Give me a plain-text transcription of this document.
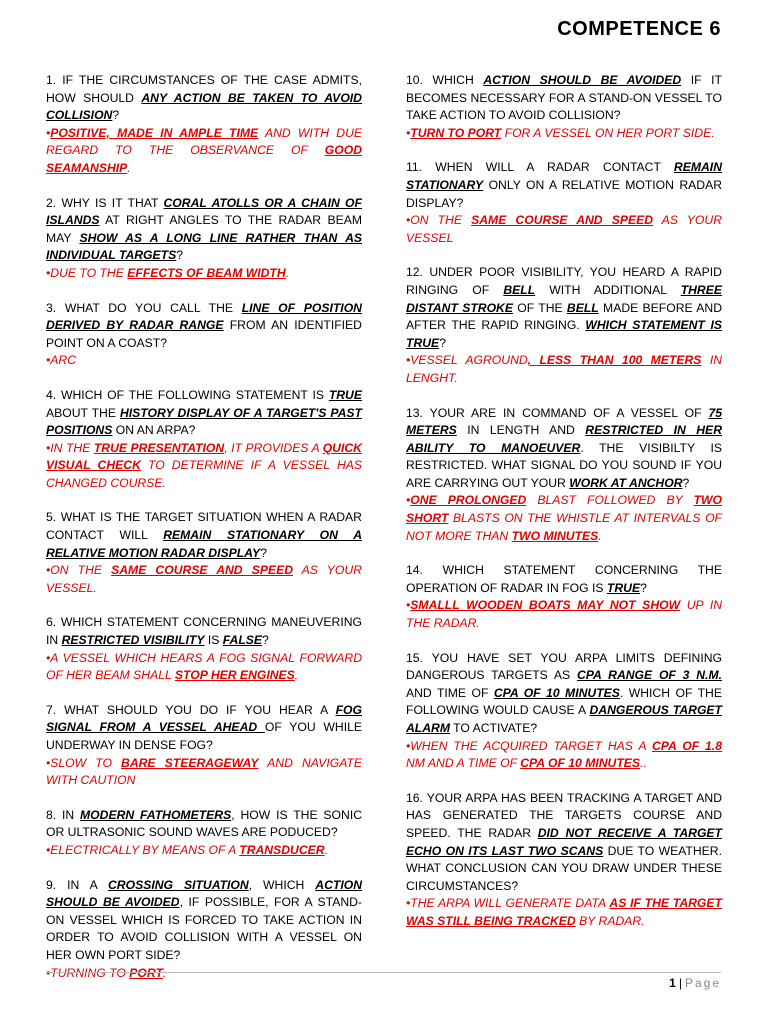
COMPETENCE 6
1. IF THE CIRCUMSTANCES OF THE CASE ADMITS, HOW SHOULD ANY ACTION BE TAKEN TO AVOID COLLISION?
•POSITIVE, MADE IN AMPLE TIME AND WITH DUE REGARD TO THE OBSERVANCE OF GOOD SEAMANSHIP.
2. WHY IS IT THAT CORAL ATOLLS OR A CHAIN OF ISLANDS AT RIGHT ANGLES TO THE RADAR BEAM MAY SHOW AS A LONG LINE RATHER THAN AS INDIVIDUAL TARGETS?
•DUE TO THE EFFECTS OF BEAM WIDTH.
3. WHAT DO YOU CALL THE LINE OF POSITION DERIVED BY RADAR RANGE FROM AN IDENTIFIED POINT ON A COAST?
•ARC
4. WHICH OF THE FOLLOWING STATEMENT IS TRUE ABOUT THE HISTORY DISPLAY OF A TARGET'S PAST POSITIONS ON AN ARPA?
•IN THE TRUE PRESENTATION, IT PROVIDES A QUICK VISUAL CHECK TO DETERMINE IF A VESSEL HAS CHANGED COURSE.
5. WHAT IS THE TARGET SITUATION WHEN A RADAR CONTACT WILL REMAIN STATIONARY ON A RELATIVE MOTION RADAR DISPLAY?
•ON THE SAME COURSE AND SPEED AS YOUR VESSEL.
6. WHICH STATEMENT CONCERNING MANEUVERING IN RESTRICTED VISIBILITY IS FALSE?
•A VESSEL WHICH HEARS A FOG SIGNAL FORWARD OF HER BEAM SHALL STOP HER ENGINES.
7. WHAT SHOULD YOU DO IF YOU HEAR A FOG SIGNAL FROM A VESSEL AHEAD OF YOU WHILE UNDERWAY IN DENSE FOG?
•SLOW TO BARE STEERAGEWAY AND NAVIGATE WITH CAUTION
8. IN MODERN FATHOMETERS, HOW IS THE SONIC OR ULTRASONIC SOUND WAVES ARE PODUCED?
•ELECTRICALLY BY MEANS OF A TRANSDUCER.
9. IN A CROSSING SITUATION, WHICH ACTION SHOULD BE AVOIDED, IF POSSIBLE, FOR A STAND-ON VESSEL WHICH IS FORCED TO TAKE ACTION IN ORDER TO AVOID COLLISION WITH A VESSEL ON HER OWN PORT SIDE?
•TURNING TO PORT.
10. WHICH ACTION SHOULD BE AVOIDED IF IT BECOMES NECESSARY FOR A STAND-ON VESSEL TO TAKE ACTION TO AVOID COLLISION?
•TURN TO PORT FOR A VESSEL ON HER PORT SIDE.
11. WHEN WILL A RADAR CONTACT REMAIN STATIONARY ONLY ON A RELATIVE MOTION RADAR DISPLAY?
•ON THE SAME COURSE AND SPEED AS YOUR VESSEL
12. UNDER POOR VISIBILITY, YOU HEARD A RAPID RINGING OF BELL WITH ADDITIONAL THREE DISTANT STROKE OF THE BELL MADE BEFORE AND AFTER THE RAPID RINGING. WHICH STATEMENT IS TRUE?
•VESSEL AGROUND, LESS THAN 100 METERS IN LENGHT.
13. YOUR ARE IN COMMAND OF A VESSEL OF 75 METERS IN LENGTH AND RESTRICTED IN HER ABILITY TO MANOEUVER. THE VISIBILTY IS RESTRICTED. WHAT SIGNAL DO YOU SOUND IF YOU ARE CARRYING OUT YOUR WORK AT ANCHOR?
•ONE PROLONGED BLAST FOLLOWED BY TWO SHORT BLASTS ON THE WHISTLE AT INTERVALS OF NOT MORE THAN TWO MINUTES.
14. WHICH STATEMENT CONCERNING THE OPERATION OF RADAR IN FOG IS TRUE?
•SMALLL WOODEN BOATS MAY NOT SHOW UP IN THE RADAR.
15. YOU HAVE SET YOU ARPA LIMITS DEFINING DANGEROUS TARGETS AS CPA RANGE OF 3 N.M. AND TIME OF CPA OF 10 MINUTES. WHICH OF THE FOLLOWING WOULD CAUSE A DANGEROUS TARGET ALARM TO ACTIVATE?
•WHEN THE ACQUIRED TARGET HAS A CPA OF 1.8 NM AND A TIME OF CPA OF 10 MINUTES..
16. YOUR ARPA HAS BEEN TRACKING A TARGET AND HAS GENERATED THE TARGETS COURSE AND SPEED. THE RADAR DID NOT RECEIVE A TARGET ECHO ON ITS LAST TWO SCANS DUE TO WEATHER. WHAT CONCLUSION CAN YOU DRAW UNDER THESE CIRCUMSTANCES?
•THE ARPA WILL GENERATE DATA AS IF THE TARGET WAS STILL BEING TRACKED BY RADAR.
1 | Page
